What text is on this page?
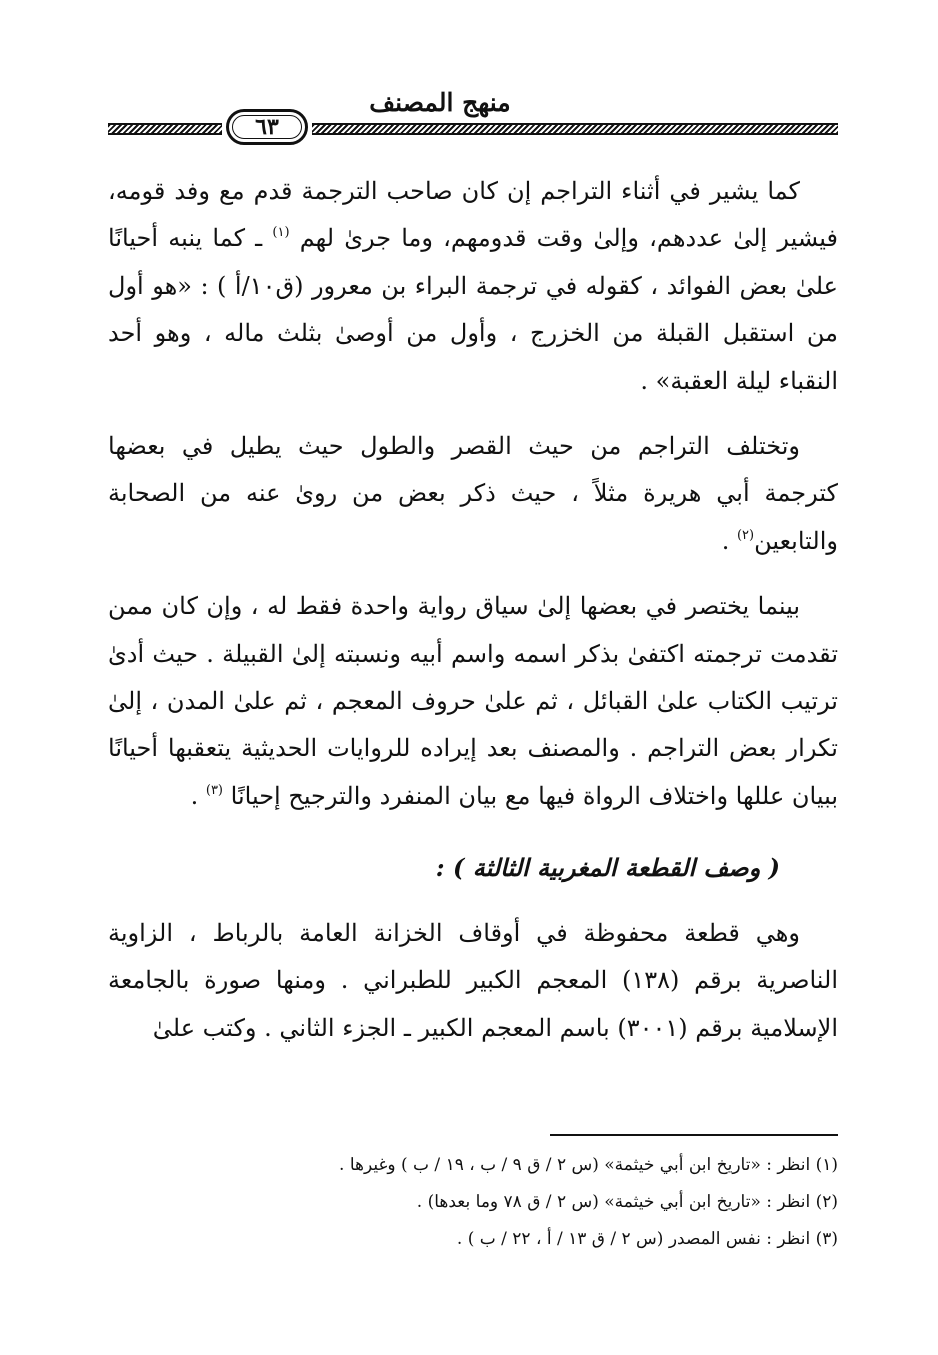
منهج المصنف
٦٣

كما يشير في أثناء التراجم إن كان صاحب الترجمة قدم مع وفد قومه، فيشير إلىٰ عددهم، وإلىٰ وقت قدومهم، وما جرىٰ لهم $^{(١)}$ ـ كما ينبه أحيانًا علىٰ بعض الفوائد ، كقوله في ترجمة البراء بن معرور (ق١٠/أ ) : «هو أول من استقبل القبلة من الخزرج ، وأول من أوصىٰ بثلث ماله ، وهو أحد النقباء ليلة العقبة» .

وتختلف التراجم من حيث القصر والطول حيث يطيل في بعضها كترجمة أبي هريرة مثلاً ، حيث ذكر بعض من روىٰ عنه من الصحابة والتابعين$^{(٢)}$ .

بينما يختصر في بعضها إلىٰ سياق رواية واحدة فقط له ، وإن كان ممن تقدمت ترجمته اكتفىٰ بذكر اسمه واسم أبيه ونسبته إلىٰ القبيلة . حيث أدىٰ ترتيب الكتاب علىٰ القبائل ، ثم علىٰ حروف المعجم ، ثم علىٰ المدن ، إلىٰ تكرار بعض التراجم . والمصنف بعد إيراده للروايات الحديثية يتعقبها أحيانًا ببيان عللها واختلاف الرواة فيها مع بيان المنفرد والترجيح إحيانًا $^{(٣)}$ .

( وصف القطعة المغربية الثالثة ) :

وهي قطعة محفوظة في أوقاف الخزانة العامة بالرباط ، الزاوية الناصرية برقم (١٣٨) المعجم الكبير للطبراني . ومنها صورة بالجامعة الإسلامية برقم (٣٠٠١) باسم المعجم الكبير ـ الجزء الثاني . وكتب علىٰ

(١) انظر : «تاريخ ابن أبي خيثمة» (س ٢ / ق ٩ / ب ، ١٩ / ب ) وغيرها .
(٢) انظر : «تاريخ ابن أبي خيثمة» (س ٢ / ق ٧٨ وما بعدها) .
(٣) انظر : نفس المصدر (س ٢ / ق ١٣ / أ ، ٢٢ / ب ) .
